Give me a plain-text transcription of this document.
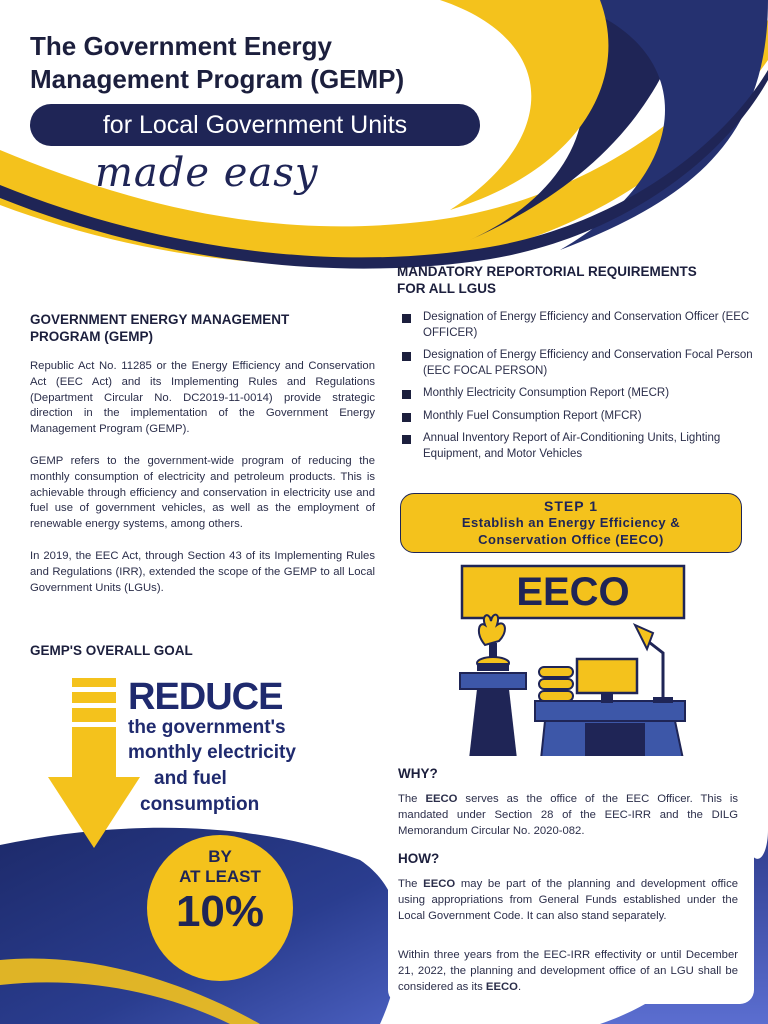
The Government Energy
Management Program (GEMP)
for Local Government Units
made easy
GOVERNMENT ENERGY MANAGEMENT
PROGRAM (GEMP)

Republic Act No. 11285 or the Energy Efficiency and Conservation Act (EEC Act) and its Implementing Rules and Regulations (Department Circular No. DC2019-11-0014) provide strategic direction in the implementation of the Government Energy Management Program (GEMP).

GEMP refers to the government-wide program of reducing the monthly consumption of electricity and petroleum products. This is achievable through efficiency and conservation in electricity use and fuel use of government vehicles, as well as the employment of renewable energy systems, among others.

In 2019, the EEC Act, through Section 43 of its Implementing Rules and Regulations (IRR), extended the scope of the GEMP to all Local Government Units (LGUs).

GEMP'S OVERALL GOAL
REDUCE
the government's
monthly electricity
and fuel
consumption
BY
AT LEAST
10%
MANDATORY REPORTORIAL REQUIREMENTS
FOR ALL LGUS
Designation of Energy Efficiency and Conservation Officer (EEC OFFICER)
Designation of Energy Efficiency and Conservation Focal Person (EEC FOCAL PERSON)
Monthly Electricity Consumption Report (MECR)
Monthly Fuel Consumption Report (MFCR)
Annual Inventory Report of Air-Conditioning Units, Lighting Equipment, and Motor Vehicles
STEP 1
Establish an Energy Efficiency &
Conservation Office (EECO)
EECO
WHY?

The EECO serves as the office of the EEC Officer. This is mandated under Section 28 of the EEC-IRR and the DILG Memorandum Circular No. 2020-082.

HOW?

The EECO may be part of the planning and development office using appropriations from General Funds established under the Local Government Code. It can also stand separately.

Within three years from the EEC-IRR effectivity or until December 21, 2022, the planning and development office of an LGU shall be considered as its EECO.
